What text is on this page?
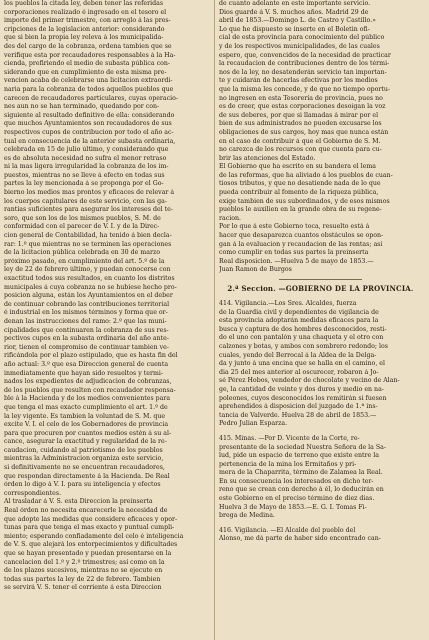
los pueblos la citada ley, deben tener las referidas
corporaciones realizado é ingresado en el tesoro el
importe del primer trimestre, con arreglo á las pres-
cripciones de la legislacion anterior: considerando
que si bien la propia ley releva á los municipalida-
des del cargo de la cobranza, ordena tambien que se
verifique esta por recaudadores responsables á la Ha-
cienda, prefiriendo el medio de subasta pública con-
siderando que en cumplimiento de esta misma pre-
vencion acaba de celebrarse una licitacion extraordi-
naria para la cobranza de todos aquellos pueblos que
carecen de recaudadores particulares, cuyas operacio-
nes aun no se han terminado, quedando por con-
siguiente al resultado definitivo de ella: considerando
que muchos Ayuntamientos son recaudadores de sus
respectivos cupos de contribucion por todo el año ac-
tual en consecuencia de la anterior subasta ordinaria,
celebrada en 15 de julio último, y considerando que
es de absoluta necesidad no sufra el menor retraso
ni la mas ligera irregularidad la cobranza de los im-
puestos, mientras no se lleve á efecto en todas sus
partes la ley mencionada á se proponga por el Go-
bierno los medios mas prontos y eficaces de relevar á
los cuerpos capitulares de este servicio, con las ga-
rantías suficientes para asegurar los intereses del te-
soro, que son los de los mismos pueblos, S. M. de
conformidad con el parecer de V. I. y de la Direc-
cion general de Contabilidad, ha tenido á bien decla-
rar: 1.º que mientras no se terminen las operaciones
de la licitacion pública celebrada en 30 de marzo
próximo pasado, en cumplimiento del art. 5.º de la
ley de 22 de febrero último, y puedan conocerse con
exactitud todos sus resultados, en cuanto los distritos
municipales á cuya cobranza no se hubiese hecho pro-
posicion alguna, están los Ayuntamientos en el deber
de continuar cobrando las contribuciones territorial
é industrial en los mismos términos y forma que or-
denan las instrucciones del ramo: 2.º que las muni-
cipalidades que continuaren la cobranza de sus res-
pectivos cupos en la subasta ordinaria del año ante-
rior, tienen el compromiso de continuar tambien ve-
rificándola por el plazo estipulado, que es hasta fin del
año actual: 3.º que esa Direccion general de cuenta
inmediatamente que hayan sido resueltos y termi-
nados los expedientes de adjudicacion de cobranzas,
de los pueblos que resulten con recaudador responsa-
ble á la Hacienda y de los medios convenientes para
que tenga el mas exacto cumplimiento el art. 1.º de
la ley vigente. Es tambien la voluntad de S. M. que
excite V. I. el celo de los Gobernadores de provincia
para que procuren por cuantos medios estén á su al-
cance, asegurar la exactitud y regularidad de la re-
caudacion, cuidando al patriotismo de los pueblos
mientras la Administracion organiza este servicio,
si definitivamente no se encuentran recaudadores,
que respondan directamente á la Hacienda. De Real
órden lo digo á V. I. para su inteligencia y efectos
correspondientes.
Al trasladar á V. S. esta Direccion la preinserta
Real órden no necesita encarecerle la necesidad de
que adopte las medidas que considere eficaces y opor-
tunas para que tenga el mas exacto y puntual cumpli-
miento; esperando confiadamente del celo é inteligencia
de V. S. que alejará los entorpecimientos y dificultades
que se hayan presentado y puedan presentarse en la
cancelacion del 1.º y 2.º trimestres; así como en la
de los plazos sucesivos, mientras no se ejecute en
todas sus partes la ley de 22 de febrero. Tambien
se servirá V. S. tener el corriente á esta Direccion
de cuanto adelante en este importante servicio.
Dios guarde á V. S. muchos años. Madrid 29 de
abril de 1853.—Domingo L. de Castro y Castillo.»
Lo que he dispuesto se inserte en el Boletin ofi-
cial de esta provincia para conocimiento del público
y de los respectivos municipalidades, de las cuales
espero, que, convencidos de la necesidad de practicar
la recaudacion de contribuciones dentro de los térmi-
nos de la ley, no desatenderán servicio tan importan-
te y cuidarán de hacerlas efectivas por los medios
que la misma les concede, y de que no tiempo oportu-
no ingresen en esta Tesorería de provincia, pues no
es de creer, que estas corporaciones desoigan la voz
de sus deberes, por que si llamadas á mirar por el
bien de sus administrados no pueden excusarse los
obligaciones de sus cargos, hoy mas que nunca están
en el caso de contribuir á que el Gobierno de S. M.
no carezca de los recursos con que cuenta para cu-
brir las atenciones del Estado.
El Gobierno que ha escrito en su bandera el lema
de las reformas, que ha aliviado á los pueblos de cuan-
tiosos tributos, y que no desatiende nada de lo que
pueda contribuir al fomento de la riqueza pública,
exige tambien de sus subordinados, y de esos mismos
pueblos le auxilien en la grande obra de su regene-
racion.
Por lo que á este Gobierno toca, resuelto está á
hacer que desaparezca cuantos obstáculos se opon-
gan á la evaluacion y recaudacion de las rentas; así
como cumplir en todas sus partes la preinserta
Real disposicion. —Huelva 5 de mayo de 1853.—
Juan Ramon de Burgos
2.ª Seccion. —GOBIERNO DE LA PROVINCIA.
414. Vigilancia.—Los Sres. Alcaldes, fuerza
de la Guardia civil y dependientes de vigilancia de
esta provincia adoptarán medidas eficaces para la
busca y captura de dos hombres desconocidos, resti-
do el uno con pantalón y una chaqueta y el otro con
calzones y botas, y ambos con sombrero redondo; los
cuales, yendo del Berrocal á la Aldea de la Delga-
da y junto á una encina que se halla en el camino, el
dia 25 del mes anterior al oscurecer, robaron á Jo-
sé Pérez Hobos, vendedor de chocolate y vecino de Alan-
ge, la cantidad de veinte y dos duros y medio en na-
poleones, cuyos desconocidos los remitirán si fuesen
aprehendidos á disposicion del juzgado de 1.ª ins-
tancia de Valverde. Huelva 28 de abril de 1853.—
Pedro Julian Esparza.
415. Minas. —Por D. Vicente de la Corte, re-
presentante de la sociedad Nuestra Señora de la Sa-
lud, pide un espacio de terreno que existe entre la
pertenencia de la mina los Ermitaños y pri-
mera de la Chaparrita, término de Zalamea la Real.
En su consecuencia los interesados en dicho ter-
reno que se crean con derecho á él, lo deducirán en
este Gobierno en el preciso término de diez dias.
Huelva 3 de Mayo de 1853.—E. G. I. Tomas Fi-
brega de Medina.
416. Vigilancia. —El Alcalde del pueblo del
Alonso, me dá parte de haber sido encontrado can-
